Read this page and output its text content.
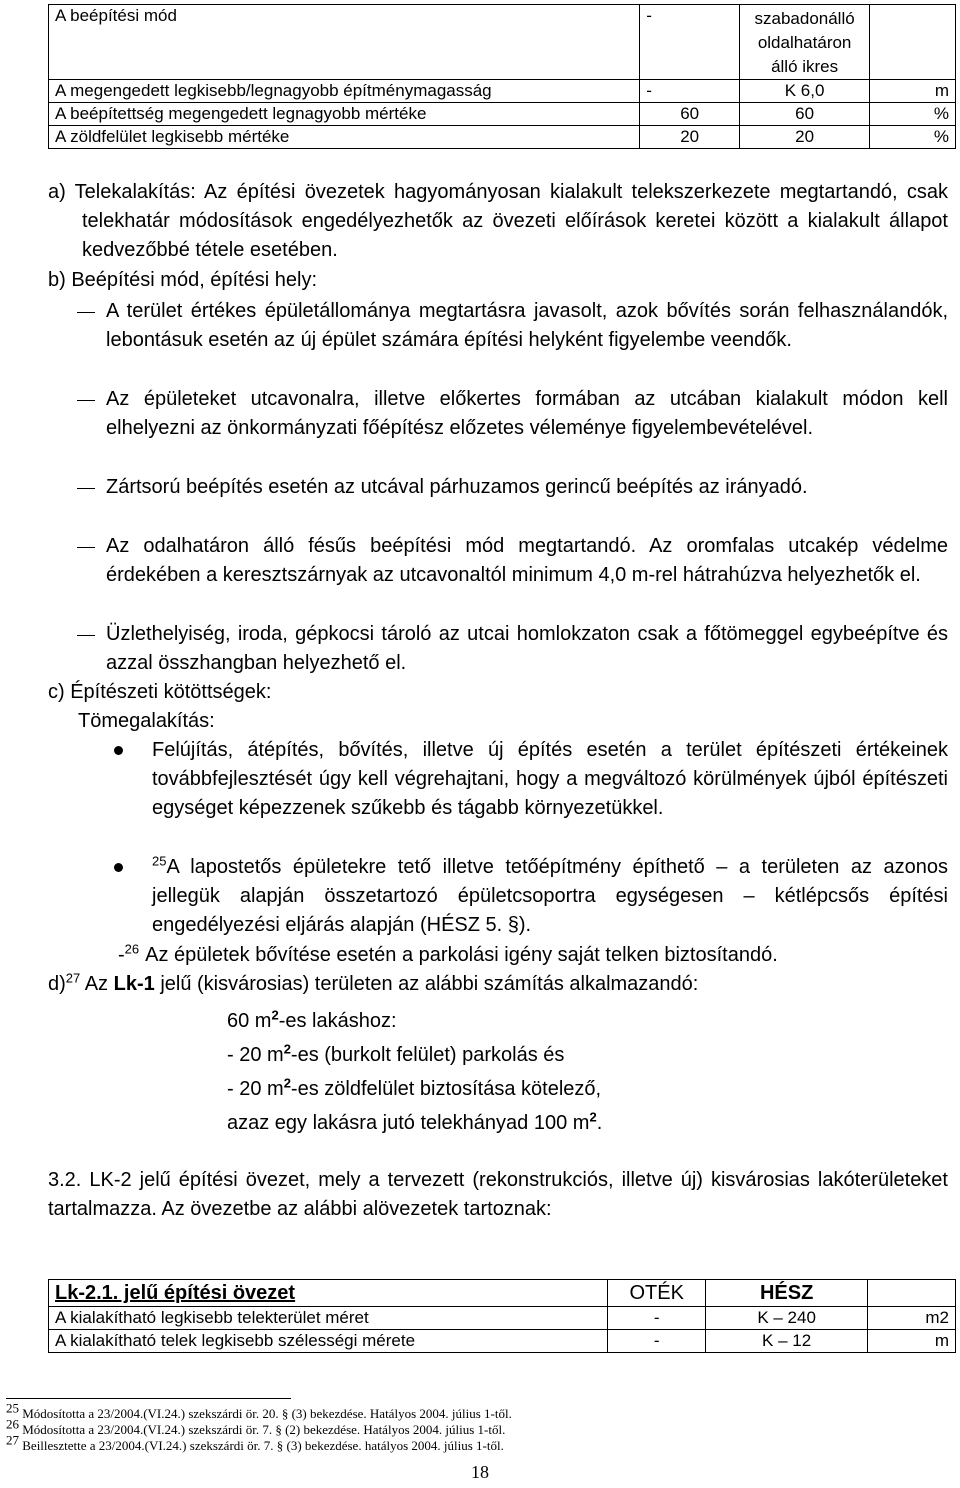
A beépítési mód	-	szabadonálló oldalhatáron álló ikres	
A megengedett legkisebb/legnagyobb építménymagasság	-	K 6,0	m
A beépítettség megengedett legnagyobb mértéke	60	60	%
A zöldfelület legkisebb mértéke	20	20	%
a) Telekalakítás: Az építési övezetek hagyományosan kialakult telekszerkezete megtartandó, csak telekhatár módosítások engedélyezhetők az övezeti előírások keretei között a kialakult állapot kedvezőbbé tétele esetében.
b) Beépítési mód, építési hely:
A terület értékes épületállománya megtartásra javasolt, azok bővítés során felhasználandók, lebontásuk esetén az új épület számára építési helyként figyelembe veendők.
Az épületeket utcavonalra, illetve előkertes formában az utcában kialakult módon kell elhelyezni az önkormányzati főépítész előzetes véleménye figyelembevételével.
Zártsorú beépítés esetén az utcával párhuzamos gerincű beépítés az irányadó.
Az odalhatáron álló fésűs beépítési mód megtartandó. Az oromfalas utcakép védelme érdekében a keresztszárnyak az utcavonaltól minimum 4,0 m-rel hátrahúzva helyezhetők el.
Üzlethelyiség, iroda, gépkocsi tároló az utcai homlokzaton csak a főtömeggel egybeépítve és azzal összhangban helyezhető el.
c) Építészeti kötöttségek:
Tömegalakítás:
Felújítás, átépítés, bővítés, illetve új építés esetén a terület építészeti értékeinek továbbfejlesztését úgy kell végrehajtani, hogy a megváltozó körülmények újból építészeti egységet képezzenek szűkebb és tágabb környezetükkel.
$^{25}$A lapostetős épületekre tető illetve tetőépítmény építhető – a területen az azonos jellegük alapján összetartozó épületcsoportra egységesen – kétlépcsős építési engedélyezési eljárás alapján (HÉSZ 5. §).
-$^{26}$ Az épületek bővítése esetén a parkolási igény saját telken biztosítandó.
d)$^{27}$ Az Lk-1 jelű (kisvárosias) területen az alábbi számítás alkalmazandó:
60 $m^2-es$ lakáshoz:
- 20 $m^2-es$ (burkolt felület) parkolás és
- 20 $m^2-es$ zöldfelület biztosítása kötelező,
azaz egy lakásra jutó telekhányad 100 $m^2$.
3.2. LK-2 jelű építési övezet, mely a tervezett (rekonstrukciós, illetve új) kisvárosias lakóterületeket tartalmazza. Az övezetbe az alábbi alövezetek tartoznak:
Lk-2.1. jelű építési övezet	OTÉK	HÉSZ	
A kialakítható legkisebb telekterület méret	-	K – 240	m2
A kialakítható telek legkisebb szélességi mérete	-	K – 12	m
$^{25}$ Módosította a 23/2004.(VI.24.) szekszárdi ör. 20. § (3) bekezdése. Hatályos 2004. július 1-től.
$^{26}$ Módosította a 23/2004.(VI.24.) szekszárdi ör. 7. § (2) bekezdése. Hatályos 2004. július 1-től.
$^{27}$ Beillesztette a 23/2004.(VI.24.) szekszárdi ör. 7. § (3) bekezdése. hatályos 2004. július 1-től.
18
